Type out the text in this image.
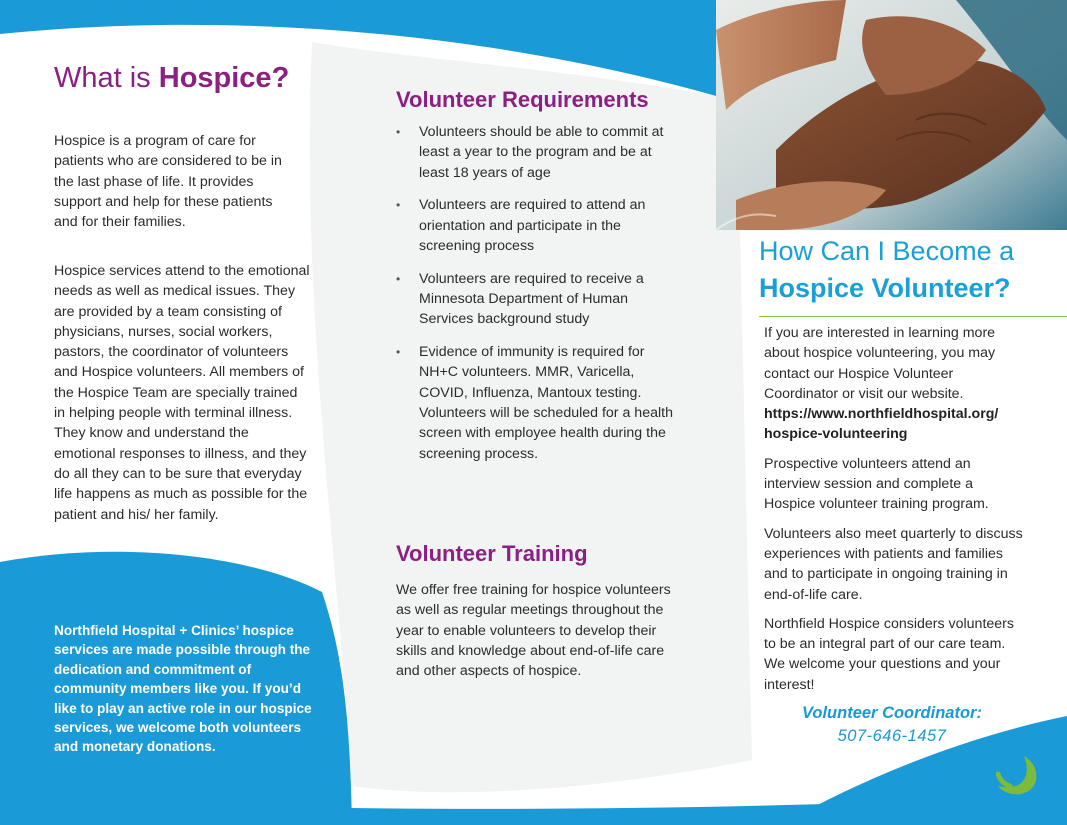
What is Hospice?

Hospice is a program of care for patients who are considered to be in the last phase of life. It provides support and help for these patients and for their families.

Hospice services attend to the emotional needs as well as medical issues. They are provided by a team consisting of physicians, nurses, social workers, pastors, the coordinator of volunteers and Hospice volunteers. All members of the Hospice Team are specially trained in helping people with terminal illness. They know and understand the emotional responses to illness, and they do all they can to be sure that everyday life happens as much as possible for the patient and his/ her family.

Northfield Hospital + Clinics’ hospice services are made possible through the dedication and commitment of community members like you. If you’d like to play an active role in our hospice services, we welcome both volunteers and monetary donations.

Volunteer Requirements
• Volunteers should be able to commit at least a year to the program and be at least 18 years of age
• Volunteers are required to attend an orientation and participate in the screening process
• Volunteers are required to receive a Minnesota Department of Human Services background study
• Evidence of immunity is required for NH+C volunteers. MMR, Varicella, COVID, Influenza, Mantoux testing. Volunteers will be scheduled for a health screen with employee health during the screening process.
Volunteer Training

We offer free training for hospice volunteers as well as regular meetings throughout the year to enable volunteers to develop their skills and knowledge about end-of-life care and other aspects of hospice.

How Can I Become a
Hospice Volunteer?

If you are interested in learning more about hospice volunteering, you may contact our Hospice Volunteer Coordinator or visit our website.
https://www.northfieldhospital.org/ hospice-volunteering

Prospective volunteers attend an interview session and complete a Hospice volunteer training program.

Volunteers also meet quarterly to discuss experiences with patients and families and to participate in ongoing training in end-of-life care.

Northfield Hospice considers volunteers to be an integral part of our care team. We welcome your questions and your interest!

Volunteer Coordinator:
507-646-1457
